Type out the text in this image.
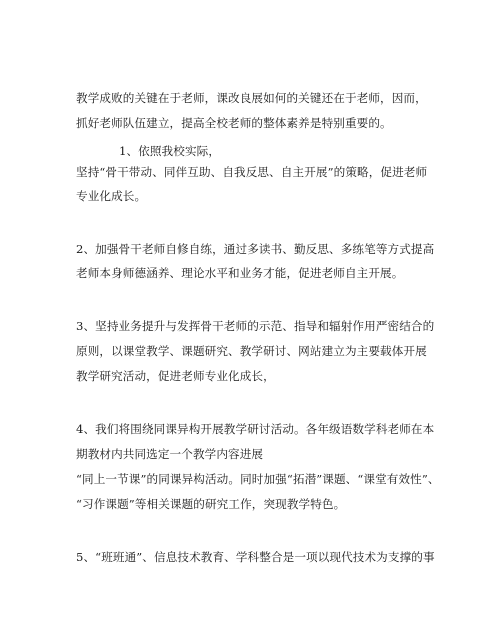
教学成败的关键在于老师，课改良展如何的关键还在于老师，因而，
抓好老师队伍建立，提高全校老师的整体素养是特别重要的。
1、依照我校实际，
坚持“骨干带动、同伴互助、自我反思、自主开展”的策略，促进老师
专业化成长。
2、加强骨干老师自修自练，通过多读书、勤反思、多练笔等方式提高
老师本身师德涵养、理论水平和业务才能，促进老师自主开展。
3、坚持业务提升与发挥骨干老师的示范、指导和辐射作用严密结合的
原则，以课堂教学、课题研究、教学研讨、网站建立为主要载体开展
教学研究活动，促进老师专业化成长，
4、我们将围绕同课异构开展教学研讨活动。各年级语数学科老师在本
期教材内共同选定一个教学内容进展
“同上一节课”的同课异构活动。同时加强“拓潜”课题、“课堂有效性”、
“习作课题”等相关课题的研究工作，突现教学特色。
5、“班班通”、信息技术教育、学科整合是一项以现代技术为支撑的事
